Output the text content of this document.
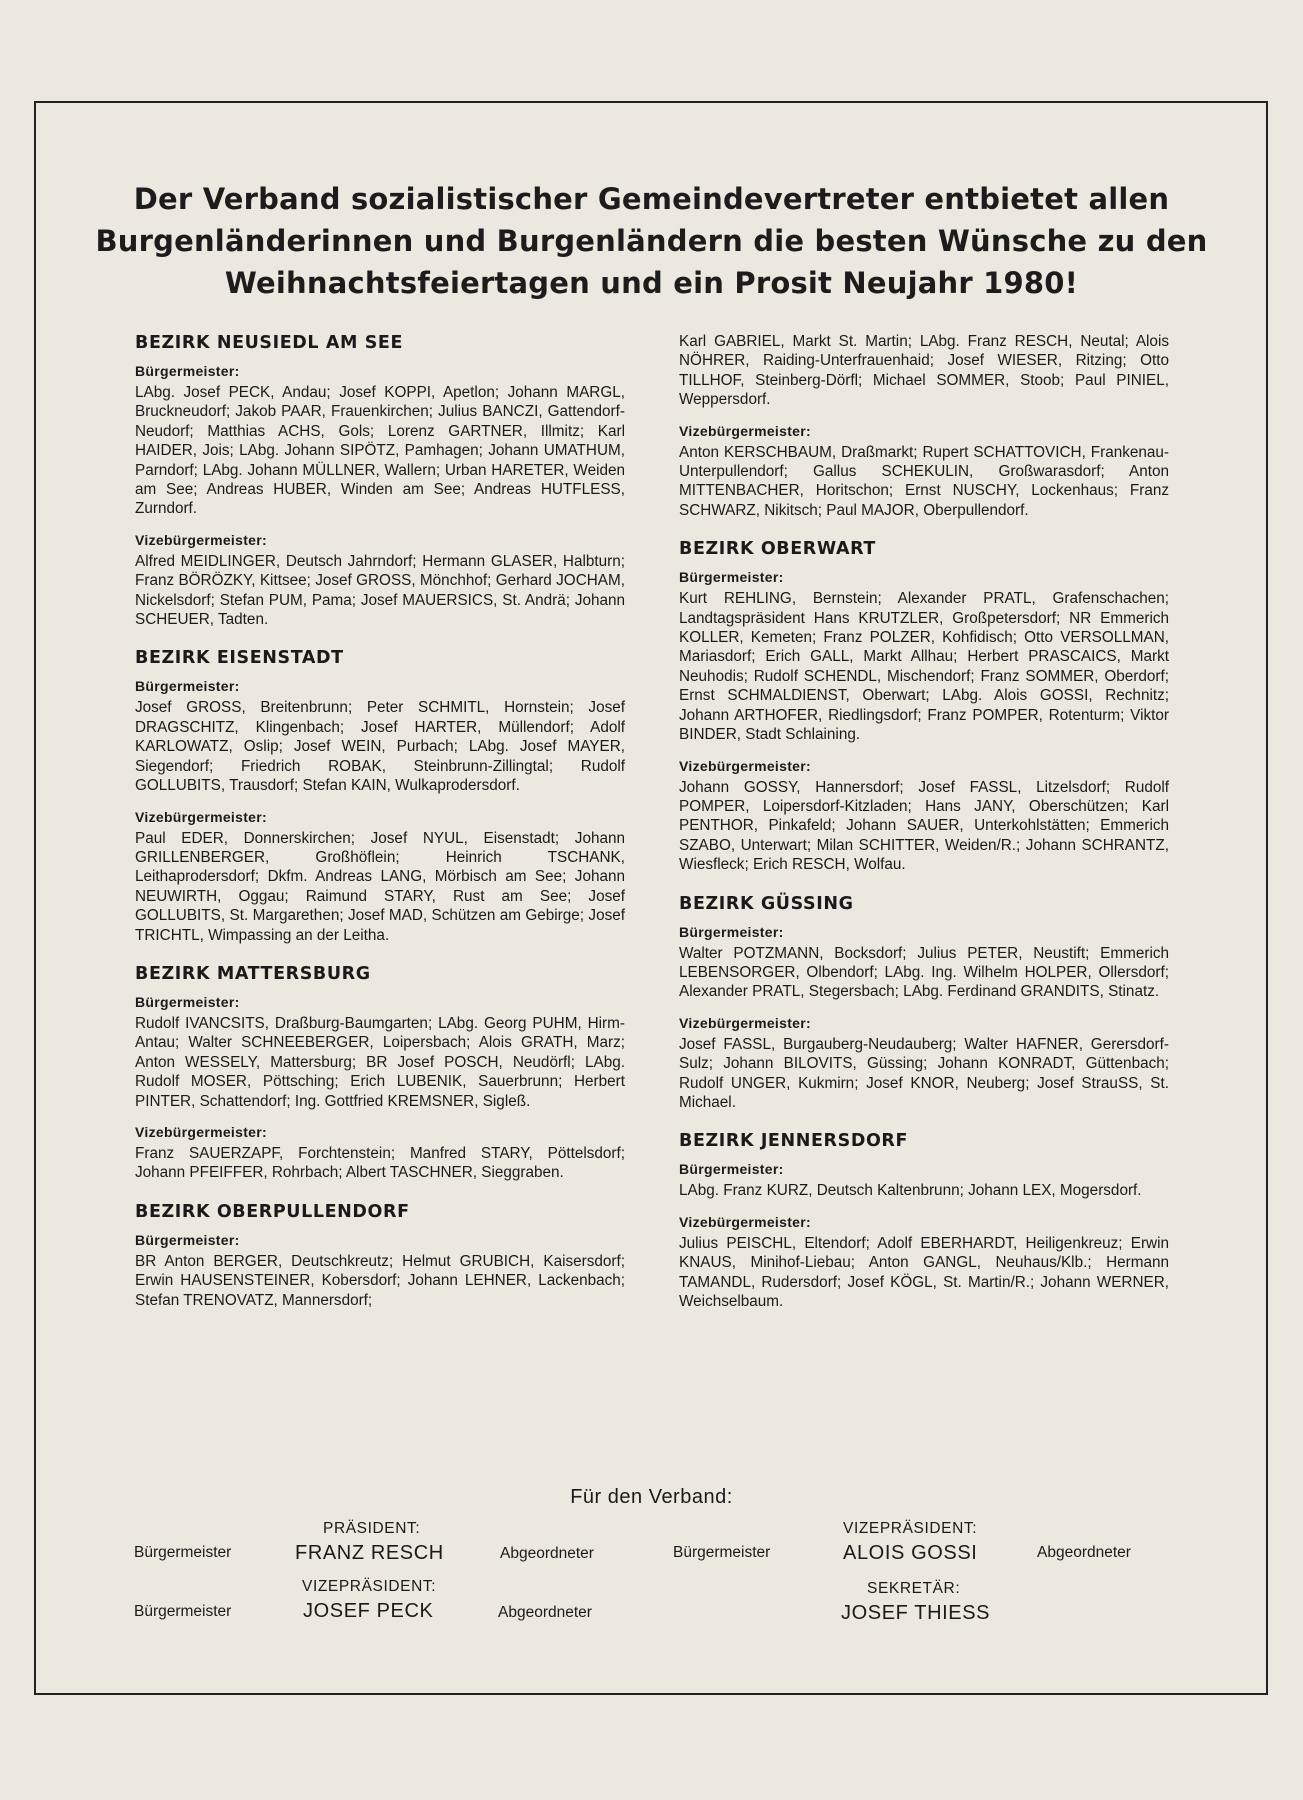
Der Verband sozialistischer Gemeindevertreter entbietet allen
Burgenländerinnen und Burgenländern die besten Wünsche zu den
Weihnachtsfeiertagen und ein Prosit Neujahr 1980!
BEZIRK NEUSIEDL AM SEE
Bürgermeister:
LAbg. Josef PECK, Andau; Josef KOPPI, Apetlon; Johann MARGL, Bruckneudorf; Jakob PAAR, Frauenkirchen; Julius BANCZI, Gattendorf-Neudorf; Matthias ACHS, Gols; Lorenz GARTNER, Illmitz; Karl HAIDER, Jois; LAbg. Johann SIPÖTZ, Pamhagen; Johann UMATHUM, Parndorf; LAbg. Johann MÜLLNER, Wallern; Urban HARETER, Weiden am See; Andreas HUBER, Winden am See; Andreas HUTFLESS, Zurndorf.
Vizebürgermeister:
Alfred MEIDLINGER, Deutsch Jahrndorf; Hermann GLASER, Halbturn; Franz BÖRÖZKY, Kittsee; Josef GROSS, Mönchhof; Gerhard JOCHAM, Nickelsdorf; Stefan PUM, Pama; Josef MAUERSICS, St. Andrä; Johann SCHEUER, Tadten.
BEZIRK EISENSTADT
Bürgermeister:
Josef GROSS, Breitenbrunn; Peter SCHMITL, Hornstein; Josef DRAGSCHITZ, Klingenbach; Josef HARTER, Müllendorf; Adolf KARLOWATZ, Oslip; Josef WEIN, Purbach; LAbg. Josef MAYER, Siegendorf; Friedrich ROBAK, Steinbrunn-Zillingtal; Rudolf GOLLUBITS, Trausdorf; Stefan KAIN, Wulkaprodersdorf.
Vizebürgermeister:
Paul EDER, Donnerskirchen; Josef NYUL, Eisenstadt; Johann GRILLENBERGER, Großhöflein; Heinrich TSCHANK, Leithaprodersdorf; Dkfm. Andreas LANG, Mörbisch am See; Johann NEUWIRTH, Oggau; Raimund STARY, Rust am See; Josef GOLLUBITS, St. Margarethen; Josef MAD, Schützen am Gebirge; Josef TRICHTL, Wimpassing an der Leitha.
BEZIRK MATTERSBURG
Bürgermeister:
Rudolf IVANCSITS, Draßburg-Baumgarten; LAbg. Georg PUHM, Hirm-Antau; Walter SCHNEEBERGER, Loipersbach; Alois GRATH, Marz; Anton WESSELY, Mattersburg; BR Josef POSCH, Neudörfl; LAbg. Rudolf MOSER, Pöttsching; Erich LUBENIK, Sauerbrunn; Herbert PINTER, Schattendorf; Ing. Gottfried KREMSNER, Sigleß.
Vizebürgermeister:
Franz SAUERZAPF, Forchtenstein; Manfred STARY, Pöttelsdorf; Johann PFEIFFER, Rohrbach; Albert TASCHNER, Sieggraben.
BEZIRK OBERPULLENDORF
Bürgermeister:
BR Anton BERGER, Deutschkreutz; Helmut GRUBICH, Kaisersdorf; Erwin HAUSENSTEINER, Kobersdorf; Johann LEHNER, Lackenbach; Stefan TRENOVATZ, Mannersdorf;
Karl GABRIEL, Markt St. Martin; LAbg. Franz RESCH, Neutal; Alois NÖHRER, Raiding-Unterfrauenhaid; Josef WIESER, Ritzing; Otto TILLHOF, Steinberg-Dörfl; Michael SOMMER, Stoob; Paul PINIEL, Weppersdorf.
Vizebürgermeister:
Anton KERSCHBAUM, Draßmarkt; Rupert SCHATTOVICH, Frankenau-Unterpullendorf; Gallus SCHEKULIN, Großwarasdorf; Anton MITTENBACHER, Horitschon; Ernst NUSCHY, Lockenhaus; Franz SCHWARZ, Nikitsch; Paul MAJOR, Oberpullendorf.
BEZIRK OBERWART
Bürgermeister:
Kurt REHLING, Bernstein; Alexander PRATL, Grafenschachen; Landtagspräsident Hans KRUTZLER, Großpetersdorf; NR Emmerich KOLLER, Kemeten; Franz POLZER, Kohfidisch; Otto VERSOLLMAN, Mariasdorf; Erich GALL, Markt Allhau; Herbert PRASCAICS, Markt Neuhodis; Rudolf SCHENDL, Mischendorf; Franz SOMMER, Oberdorf; Ernst SCHMALDIENST, Oberwart; LAbg. Alois GOSSI, Rechnitz; Johann ARTHOFER, Riedlingsdorf; Franz POMPER, Rotenturm; Viktor BINDER, Stadt Schlaining.
Vizebürgermeister:
Johann GOSSY, Hannersdorf; Josef FASSL, Litzelsdorf; Rudolf POMPER, Loipersdorf-Kitzladen; Hans JANY, Oberschützen; Karl PENTHOR, Pinkafeld; Johann SAUER, Unterkohlstätten; Emmerich SZABO, Unterwart; Milan SCHITTER, Weiden/R.; Johann SCHRANTZ, Wiesfleck; Erich RESCH, Wolfau.
BEZIRK GÜSSING
Bürgermeister:
Walter POTZMANN, Bocksdorf; Julius PETER, Neustift; Emmerich LEBENSORGER, Olbendorf; LAbg. Ing. Wilhelm HOLPER, Ollersdorf; Alexander PRATL, Stegersbach; LAbg. Ferdinand GRANDITS, Stinatz.
Vizebürgermeister:
Josef FASSL, Burgauberg-Neudauberg; Walter HAFNER, Gerersdorf-Sulz; Johann BILOVITS, Güssing; Johann KONRADT, Güttenbach; Rudolf UNGER, Kukmirn; Josef KNOR, Neuberg; Josef StrauSS, St. Michael.
BEZIRK JENNERSDORF
Bürgermeister:
LAbg. Franz KURZ, Deutsch Kaltenbrunn; Johann LEX, Mogersdorf.
Vizebürgermeister:
Julius PEISCHL, Eltendorf; Adolf EBERHARDT, Heiligenkreuz; Erwin KNAUS, Minihof-Liebau; Anton GANGL, Neuhaus/Klb.; Hermann TAMANDL, Rudersdorf; Josef KÖGL, St. Martin/R.; Johann WERNER, Weichselbaum.
Für den Verband:
Bürgermeister
PRÄSIDENT:
FRANZ RESCH	Abgeordneter	Bürgermeister
VIZEPRÄSIDENT:
ALOIS GOSSI	Abgeordneter
Bürgermeister
VIZEPRÄSIDENT:
JOSEF PECK	Abgeordneter
SEKRETÄR:
JOSEF THIESS
